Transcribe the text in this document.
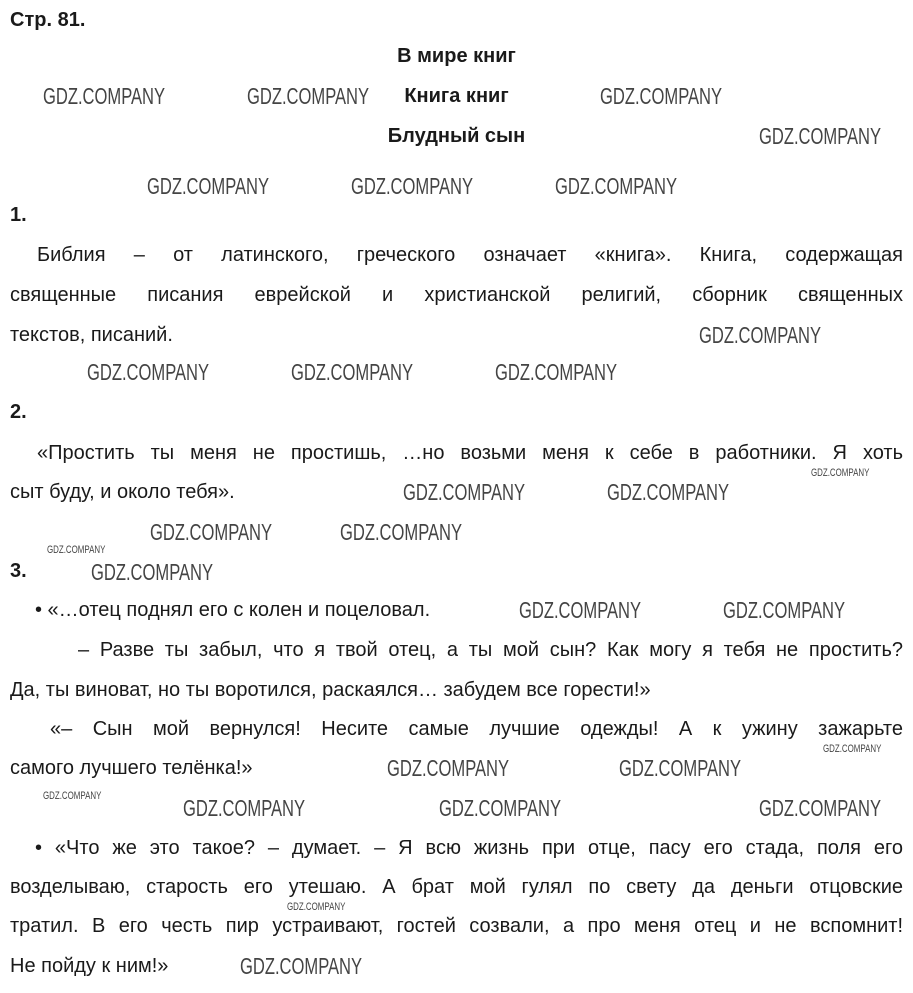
Стр. 81.
В мире книг
Книга книг
Блудный сын
1.
Библия – от латинского, греческого означает «книга». Книга, содержащая
священные писания еврейской и христианской религий, сборник священных
текстов, писаний.
2.
«Простить ты меня не простишь, …но возьми меня к себе в работники. Я хоть
сыт буду, и около тебя».
3.
• «…отец поднял его с колен и поцеловал.
– Разве ты забыл, что я твой отец, а ты мой сын? Как могу я тебя не простить?
Да, ты виноват, но ты воротился, раскаялся… забудем все горести!»
«– Сын мой вернулся! Несите самые лучшие одежды! А к ужину зажарьте
самого лучшего телёнка!»
• «Что же это такое? – думает. – Я всю жизнь при отце, пасу его стада, поля его
возделываю, старость его утешаю. А брат мой гулял по свету да деньги отцовские
тратил. В его честь пир устраивают, гостей созвали, а про меня отец и не вспомнит!
Не пойду к ним!»
GDZ.COMPANY	GDZ.COMPANY	GDZ.COMPANY
GDZ.COMPANY
GDZ.COMPANY	GDZ.COMPANY	GDZ.COMPANY
GDZ.COMPANY
GDZ.COMPANY	GDZ.COMPANY
GDZ.COMPANY
GDZ.COMPANY	GDZ.COMPANY
GDZ.COMPANY
GDZ.COMPANY	GDZ.COMPANY
GDZ.COMPANY
GDZ.COMPANY
GDZ.COMPANY	GDZ.COMPANY
GDZ.COMPANY	GDZ.COMPANY	GDZ.COMPANY
GDZ.COMPANY
GDZ.COMPANY
GDZ.COMPANY
GDZ.COMPANY
GDZ.COMPANY
GDZ.COMPANY
